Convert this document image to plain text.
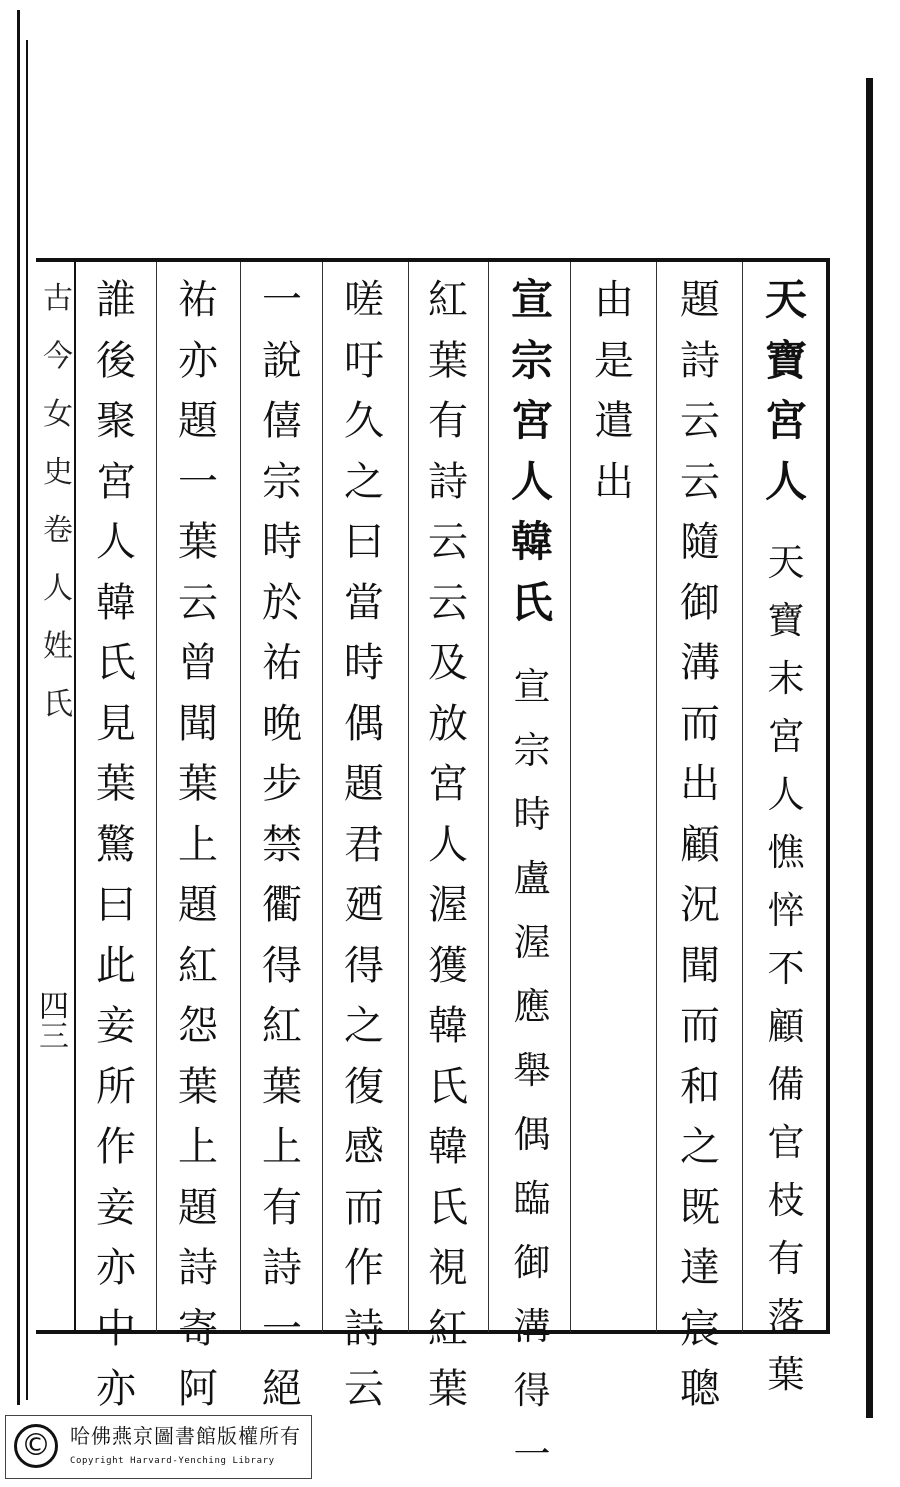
古
今
女
史
卷
人
姓
氏
四三
天
寶
宮
人
天
寶
末
宮
人
憔
悴
不
顧
備
官
枝
有
落
葉
題
詩
云
云
隨
御
溝
而
出
顧
況
聞
而
和
之
既
達
宸
聰
由
是
遣
出
宣
宗
宮
人
韓
氏
宣
宗
時
盧
渥
應
舉
偶
臨
御
溝
得
一
紅
葉
有
詩
云
云
及
放
宮
人
渥
獲
韓
氏
韓
氏
視
紅
葉
嗟
吁
久
之
曰
當
時
偶
題
君
廼
得
之
復
感
而
作
詩
云
一
說
僖
宗
時
於
祐
晚
步
禁
衢
得
紅
葉
上
有
詩
一
絕
祐
亦
題
一
葉
云
曾
聞
葉
上
題
紅
怨
葉
上
題
詩
寄
阿
誰
後
聚
宮
人
韓
氏
見
葉
驚
曰
此
妾
所
作
妾
亦
中
亦
© 哈佛燕京圖書館版權所有
Copyright Harvard-Yenching Library
